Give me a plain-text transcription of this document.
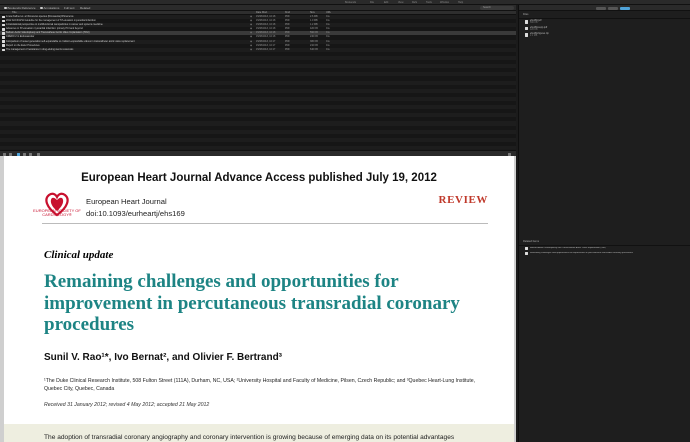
Bookends	File	Edit	View	Refs	Tools	Window	Help
Bookends Reference	Annotations Full text Related	Search
Title	Date Mod.	Kind	Size	URL
A new Kellner et. al rhinocerus species (Dinosauria) Rhinoceros	◉ 15/08/2013, 10:18	PDF	2.6 MB	File
2012 ACCF/AHA Guideline for the management of ST-elevation myocardial infarction	◉ 15/08/2013, 10:18	PDF	1.0 MB	File
A translational perspective on multifunctional nanoparticles in cancer and systems medicine	◉ 15/08/2013, 10:18	PDF	1.2 MB	File
Advances in ST-elevation myocardial infarction: primary PCI and beyond	◉ 15/08/2013, 10:18	PDF	420 KB	File
Balloon-Aortic-Valvuloplasty and Transcatheter Aortic Valve Implantation (TAVI)	◉ 15/08/2013, 10:18	PDF	590 KB	File
CREDO 2 in Endovascular	◉ 15/08/2013, 10:18	PDF	240 KB	File
Comparison of newer generation self-expandable vs. balloon-expandable valves in transcatheter aortic valve replacement	◉ 15/08/2013, 10:17	PDF	380 KB	File
Report on the Euler Procedures	◉ 15/08/2013, 10:17	PDF	210 KB	File
The management of resistance in drug-eluting stents restenosis	◉ 15/08/2013, 10:17	PDF	640 KB	File
European Heart Journal Advance Access published July 19, 2012
EUROPEAN SOCIETY OF CARDIOLOGY®
European Heart Journal
doi:10.1093/eurheartj/ehs169
REVIEW
Clinical update
Remaining challenges and opportunities for improvement in percutaneous transradial coronary procedures
Sunil V. Rao¹*, Ivo Bernat², and Olivier F. Bertrand³
¹The Duke Clinical Research Institute, 508 Fulton Street (111A), Durham, NC, USA; ²University Hospital and Faculty of Medicine, Pilsen, Czech Republic; and ³Quebec Heart-Lung Institute, Quebec City, Quebec, Canada
Received 31 January 2012; revised 4 May 2012; accepted 21 May 2012
The adoption of transradial coronary angiography and coronary intervention is growing because of emerging data on its potential advantages
Files
ehs169.pdf
590 KB
ehs169-supp.pdf
120 KB
ehs169-figures.zip
2.1 MB
Related Items
Balloon-Aortic-Valvuloplasty and Transcatheter Aortic Valve Implantation (TAVI)
Remaining challenges and opportunities for improvement in percutaneous transradial coronary procedures
